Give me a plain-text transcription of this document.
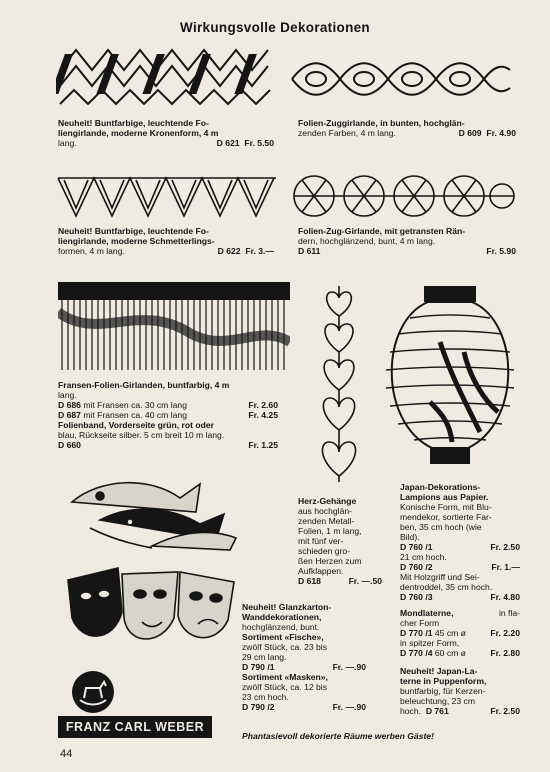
Wirkungsvolle Dekorationen
Neuheit! Buntfarbige, leuchtende Fo-
liengirlande, moderne Kronenform, 4 m
lang.	D 621 Fr. 5.50
Folien-Zuggirlande, in bunten, hochglän-
zenden Farben, 4 m lang.	D 609 Fr. 4.90
Neuheit! Buntfarbige, leuchtende Fo-
liengirlande, moderne Schmetterlings-
formen, 4 m lang.	D 622 Fr. 3.—
Folien-Zug-Girlande, mit getransten Rän-
dern, hochglänzend, bunt, 4 m lang.
D 611	Fr. 5.90
Fransen-Folien-Girlanden, buntfarbig, 4 m
lang.
D 686 mit Fransen ca. 30 cm lang	Fr. 2.60
D 687 mit Fransen ca. 40 cm lang	Fr. 4.25
Folienband, Vorderseite grün, rot oder
blau, Rückseite silber. 5 cm breit 10 m lang.
D 660	Fr. 1.25
Herz-Gehänge
aus hochglän-
zenden Metall-
Folien, 1 m lang,
mit fünf ver-
schieden gro-
ßen Herzen zum
Aufklappen.
D 618	Fr. —.50
Japan-Dekorations-
Lampions aus Papier.
Konische Form, mit Blu-
mendekor, sortierte Far-
ben, 35 cm hoch (wie
Bild).
D 760 /1	Fr. 2.50
21 cm hoch.
D 760 /2	Fr. 1.—
Mit Holzgriff und Sei-
dentroddel, 35 cm hoch.
D 760 /3	Fr. 4.80
Mondlaterne,	in fla-
cher Form
D 770 /1 45 cm ø	Fr. 2.20
in spitzer Form,
D 770 /4 60 cm ø	Fr. 2.80
Neuheit! Japan-La-
terne in Puppenform,
buntfarbig, für Kerzen-
beleuchtung, 23 cm
hoch. D 761	Fr. 2.50
Neuheit! Glanzkarton-
Wanddekorationen,
hochglänzend, bunt.
Sortiment «Fische»,
zwölf Stück, ca. 23 bis
29 cm lang.
D 790 /1	Fr. —.90
Sortiment «Masken»,
zwölf Stück, ca. 12 bis
23 cm hoch.
D 790 /2	Fr. —.90
FRANZ CARL WEBER
Phantasievoll dekorierte Räume werben Gäste!
44
